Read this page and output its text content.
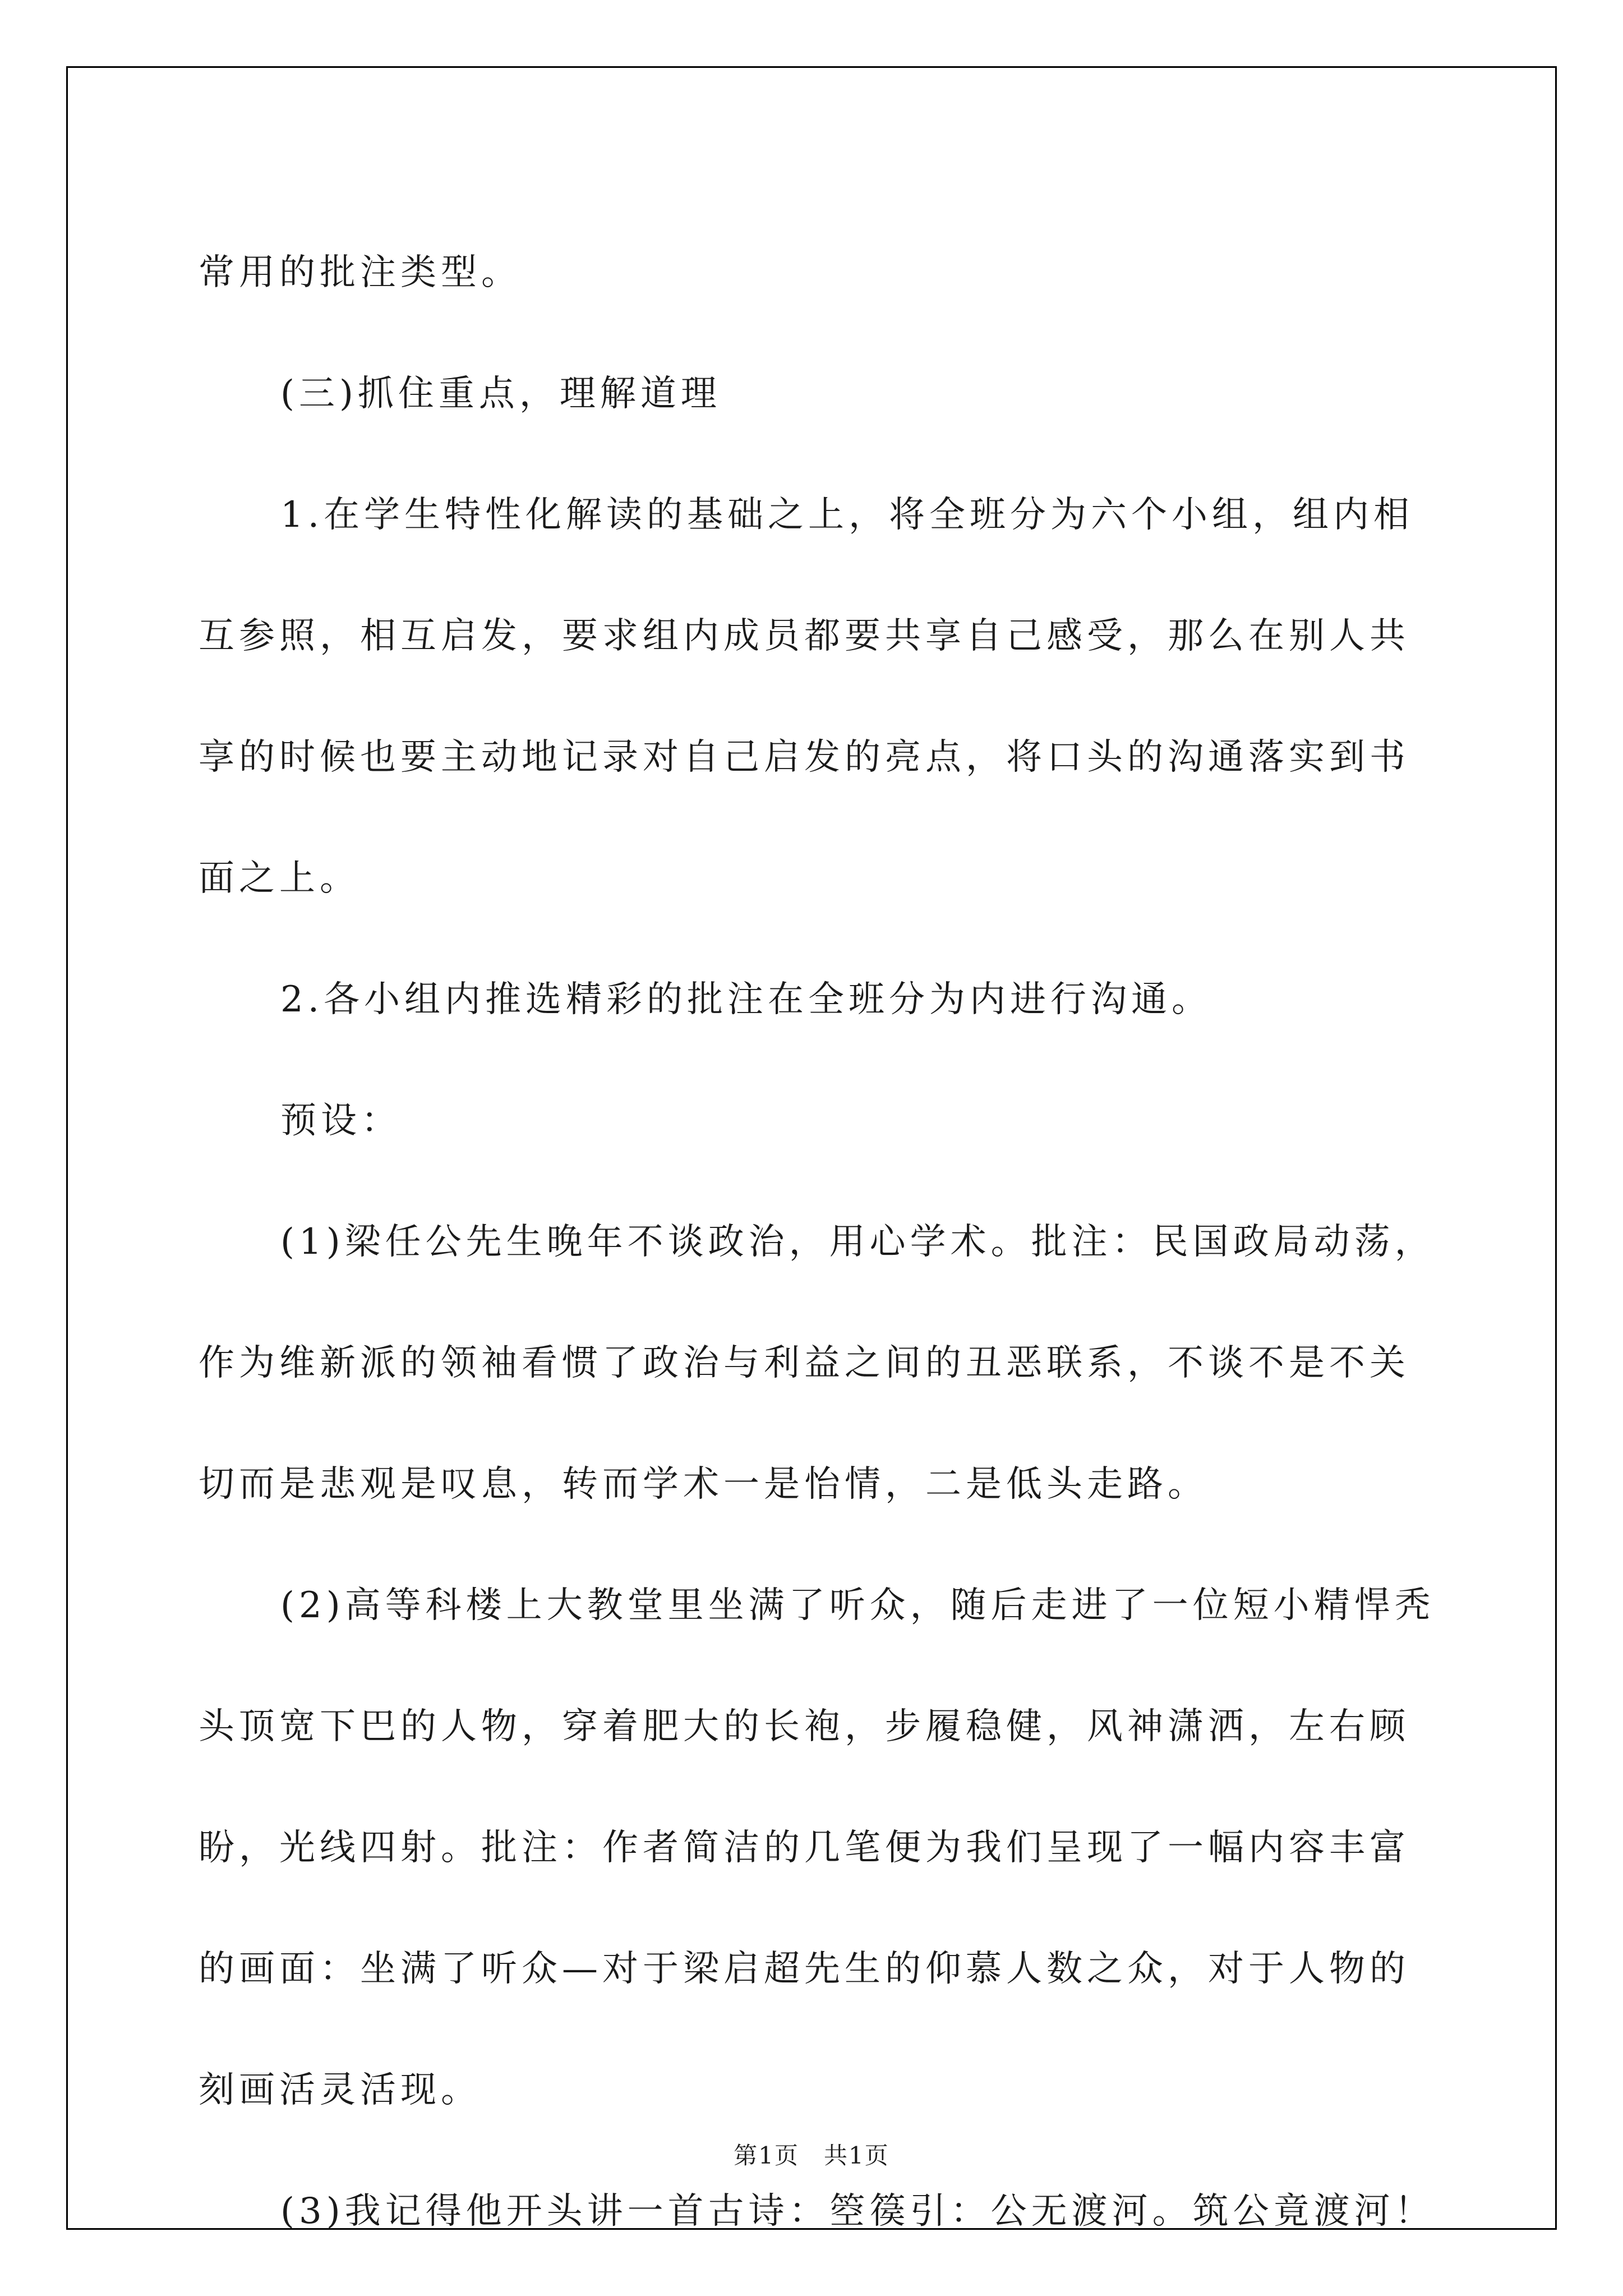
常用的批注类型。

(三)抓住重点，理解道理

1.在学生特性化解读的基础之上，将全班分为六个小组，组内相
互参照，相互启发，要求组内成员都要共享自己感受，那么在别人共
享的时候也要主动地记录对自己启发的亮点，将口头的沟通落实到书
面之上。

2.各小组内推选精彩的批注在全班分为内进行沟通。

预设：

(1)梁任公先生晚年不谈政治，用心学术。批注：民国政局动荡，
作为维新派的领袖看惯了政治与利益之间的丑恶联系，不谈不是不关
切而是悲观是叹息，转而学术一是怡情，二是低头走路。

(2)高等科楼上大教堂里坐满了听众，随后走进了一位短小精悍秃
头顶宽下巴的人物，穿着肥大的长袍，步履稳健，风神潇洒，左右顾
盼，光线四射。批注：作者简洁的几笔便为我们呈现了一幅内容丰富
的画面：坐满了听众—对于梁启超先生的仰慕人数之众，对于人物的
刻画活灵活现。

(3)我记得他开头讲一首古诗：箜篌引：公无渡河。筑公竟渡河！

第1页　共1页
